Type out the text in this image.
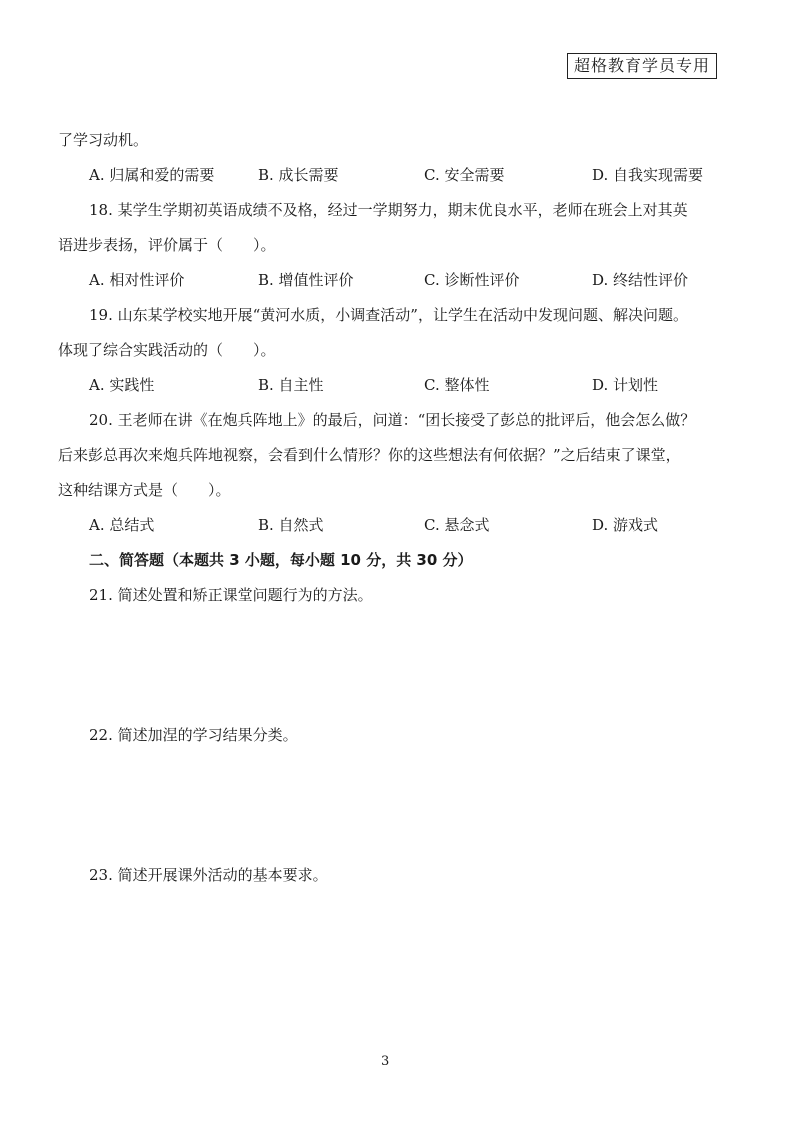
超格教育学员专用
了学习动机。
A. 归属和爱的需要	B. 成长需要	C. 安全需要	D. 自我实现需要
18. 某学生学期初英语成绩不及格，经过一学期努力，期末优良水平，老师在班会上对其英
语进步表扬，评价属于（　　）。
A. 相对性评价	B. 增值性评价	C. 诊断性评价	D. 终结性评价
19. 山东某学校实地开展“黄河水质，小调查活动”，让学生在活动中发现问题、解决问题。
体现了综合实践活动的（　　）。
A. 实践性	B. 自主性	C. 整体性	D. 计划性
20. 王老师在讲《在炮兵阵地上》的最后，问道：“团长接受了彭总的批评后，他会怎么做？
后来彭总再次来炮兵阵地视察，会看到什么情形？你的这些想法有何依据？”之后结束了课堂，
这种结课方式是（　　）。
A. 总结式	B. 自然式	C. 悬念式	D. 游戏式
二、简答题（本题共 3 小题，每小题 10 分，共 30 分）
21. 简述处置和矫正课堂问题行为的方法。
22. 简述加涅的学习结果分类。
23. 简述开展课外活动的基本要求。
3
